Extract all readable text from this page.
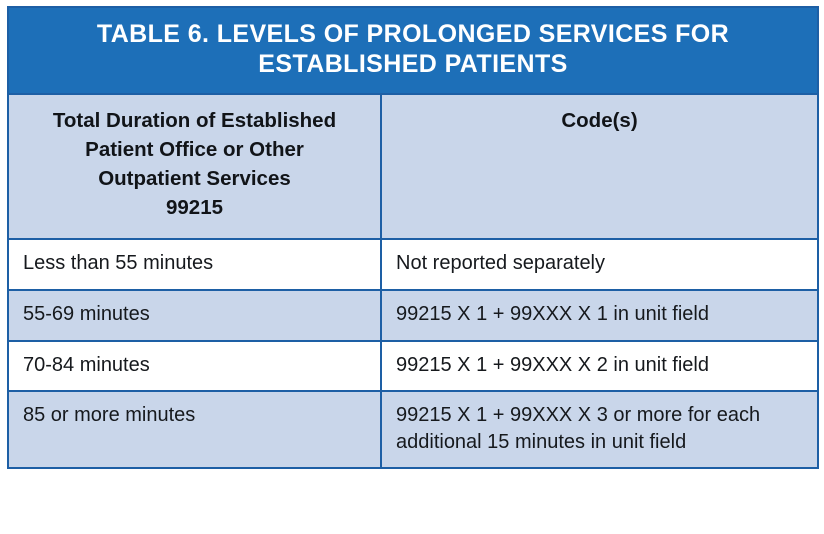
TABLE 6. LEVELS OF PROLONGED SERVICES FOR ESTABLISHED PATIENTS	

Total Duration of Established
Patient Office or Other
Outpatient Services
99215	Code(s)
Less than 55 minutes	Not reported separately
55-69 minutes	99215 X 1 + 99XXX X 1 in unit field
70-84 minutes	99215 X 1 + 99XXX X 2 in unit field
85 or more minutes	99215 X 1 + 99XXX X 3 or more for each additional 15 minutes in unit field
